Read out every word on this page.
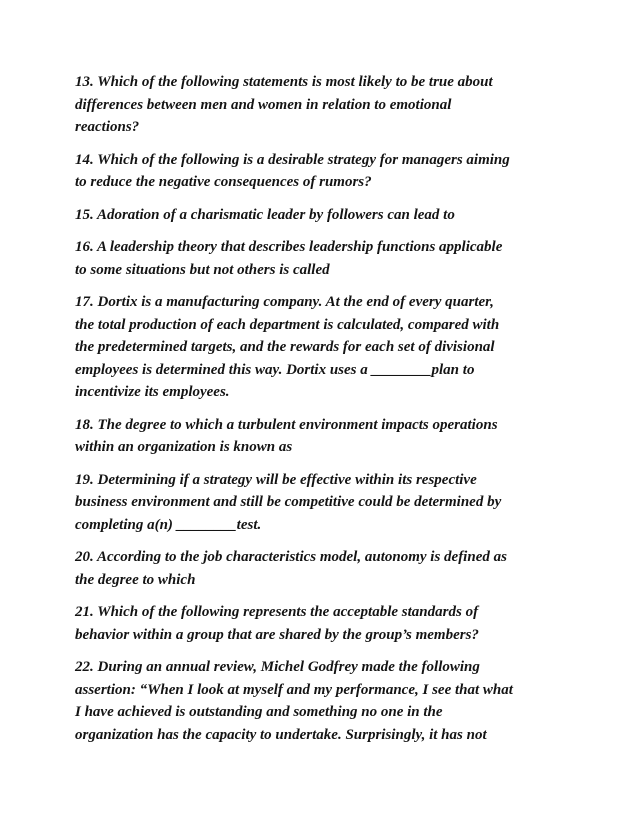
13. Which of the following statements is most likely to be true about
differences between men and women in relation to emotional
reactions?

14. Which of the following is a desirable strategy for managers aiming
to reduce the negative consequences of rumors?

15. Adoration of a charismatic leader by followers can lead to

16. A leadership theory that describes leadership functions applicable
to some situations but not others is called

17. Dortix is a manufacturing company. At the end of every quarter,
the total production of each department is calculated, compared with
the predetermined targets, and the rewards for each set of divisional
employees is determined this way. Dortix uses a ________plan to
incentivize its employees.

18. The degree to which a turbulent environment impacts operations
within an organization is known as

19. Determining if a strategy will be effective within its respective
business environment and still be competitive could be determined by
completing a(n) ________test.

20. According to the job characteristics model, autonomy is defined as
the degree to which

21. Which of the following represents the acceptable standards of
behavior within a group that are shared by the group’s members?

22. During an annual review, Michel Godfrey made the following
assertion: “When I look at myself and my performance, I see that what
I have achieved is outstanding and something no one in the
organization has the capacity to undertake. Surprisingly, it has not
